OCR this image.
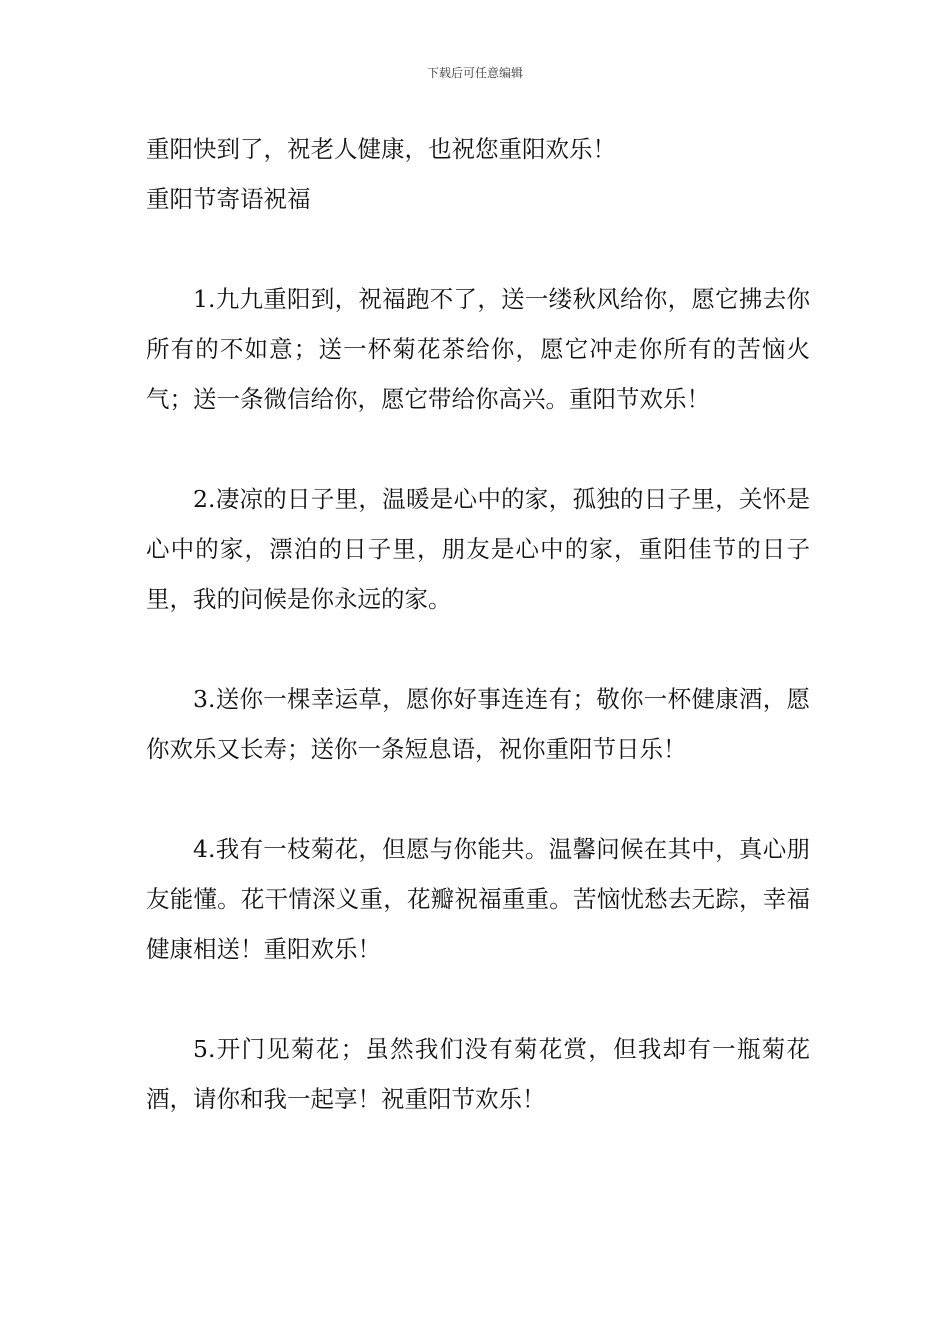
下载后可任意编辑

重阳快到了，祝老人健康，也祝您重阳欢乐！

重阳节寄语祝福

1.九九重阳到，祝福跑不了，送一缕秋风给你，愿它拂去你所有的不如意；送一杯菊花茶给你，愿它冲走你所有的苦恼火气；送一条微信给你，愿它带给你高兴。重阳节欢乐！

2.凄凉的日子里，温暖是心中的家，孤独的日子里，关怀是心中的家，漂泊的日子里，朋友是心中的家，重阳佳节的日子里，我的问候是你永远的家。

3.送你一棵幸运草，愿你好事连连有；敬你一杯健康酒，愿你欢乐又长寿；送你一条短息语，祝你重阳节日乐！

4.我有一枝菊花，但愿与你能共。温馨问候在其中，真心朋友能懂。花干情深义重，花瓣祝福重重。苦恼忧愁去无踪，幸福健康相送！重阳欢乐！

5.开门见菊花；虽然我们没有菊花赏，但我却有一瓶菊花酒，请你和我一起享！祝重阳节欢乐！
